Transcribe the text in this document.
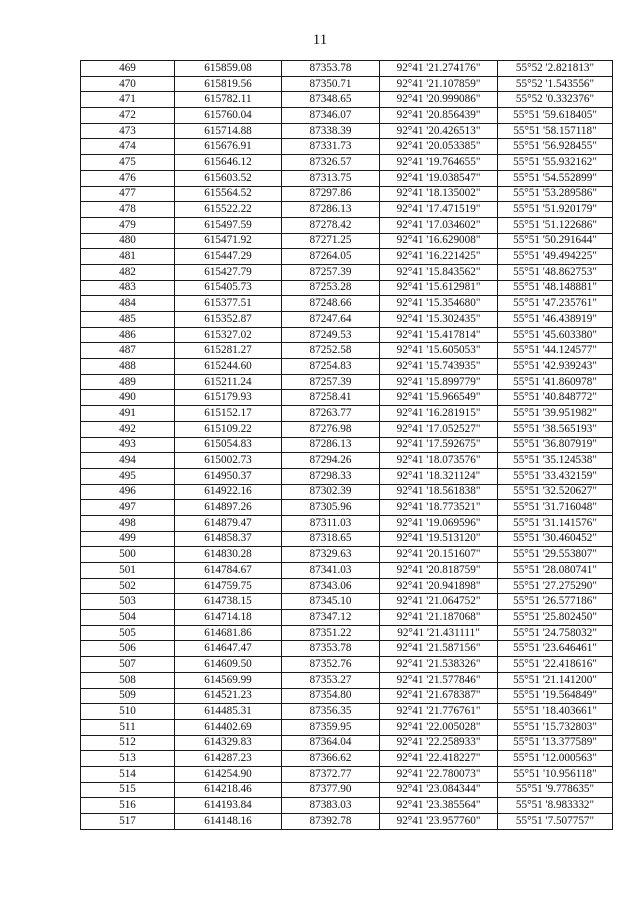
11
469	615859.08	87353.78	92°41 '21.274176"	55°52 '2.821813"
470	615819.56	87350.71	92°41 '21.107859"	55°52 '1.543556"
471	615782.11	87348.65	92°41 '20.999086"	55°52 '0.332376"
472	615760.04	87346.07	92°41 '20.856439"	55°51 '59.618405"
473	615714.88	87338.39	92°41 '20.426513"	55°51 '58.157118"
474	615676.91	87331.73	92°41 '20.053385"	55°51 '56.928455"
475	615646.12	87326.57	92°41 '19.764655"	55°51 '55.932162"
476	615603.52	87313.75	92°41 '19.038547"	55°51 '54.552899"
477	615564.52	87297.86	92°41 '18.135002"	55°51 '53.289586"
478	615522.22	87286.13	92°41 '17.471519"	55°51 '51.920179"
479	615497.59	87278.42	92°41 '17.034602"	55°51 '51.122686"
480	615471.92	87271.25	92°41 '16.629008"	55°51 '50.291644"
481	615447.29	87264.05	92°41 '16.221425"	55°51 '49.494225"
482	615427.79	87257.39	92°41 '15.843562"	55°51 '48.862753"
483	615405.73	87253.28	92°41 '15.612981"	55°51 '48.148881"
484	615377.51	87248.66	92°41 '15.354680"	55°51 '47.235761"
485	615352.87	87247.64	92°41 '15.302435"	55°51 '46.438919"
486	615327.02	87249.53	92°41 '15.417814"	55°51 '45.603380"
487	615281.27	87252.58	92°41 '15.605053"	55°51 '44.124577"
488	615244.60	87254.83	92°41 '15.743935"	55°51 '42.939243"
489	615211.24	87257.39	92°41 '15.899779"	55°51 '41.860978"
490	615179.93	87258.41	92°41 '15.966549"	55°51 '40.848772"
491	615152.17	87263.77	92°41 '16.281915"	55°51 '39.951982"
492	615109.22	87276.98	92°41 '17.052527"	55°51 '38.565193"
493	615054.83	87286.13	92°41 '17.592675"	55°51 '36.807919"
494	615002.73	87294.26	92°41 '18.073576"	55°51 '35.124538"
495	614950.37	87298.33	92°41 '18.321124"	55°51 '33.432159"
496	614922.16	87302.39	92°41 '18.561838"	55°51 '32.520627"
497	614897.26	87305.96	92°41 '18.773521"	55°51 '31.716048"
498	614879.47	87311.03	92°41 '19.069596"	55°51 '31.141576"
499	614858.37	87318.65	92°41 '19.513120"	55°51 '30.460452"
500	614830.28	87329.63	92°41 '20.151607"	55°51 '29.553807"
501	614784.67	87341.03	92°41 '20.818759"	55°51 '28.080741"
502	614759.75	87343.06	92°41 '20.941898"	55°51 '27.275290"
503	614738.15	87345.10	92°41 '21.064752"	55°51 '26.577186"
504	614714.18	87347.12	92°41 '21.187068"	55°51 '25.802450"
505	614681.86	87351.22	92°41 '21.431111"	55°51 '24.758032"
506	614647.47	87353.78	92°41 '21.587156"	55°51 '23.646461"
507	614609.50	87352.76	92°41 '21.538326"	55°51 '22.418616"
508	614569.99	87353.27	92°41 '21.577846"	55°51 '21.141200"
509	614521.23	87354.80	92°41 '21.678387"	55°51 '19.564849"
510	614485.31	87356.35	92°41 '21.776761"	55°51 '18.403661"
511	614402.69	87359.95	92°41 '22.005028"	55°51 '15.732803"
512	614329.83	87364.04	92°41 '22.258933"	55°51 '13.377589"
513	614287.23	87366.62	92°41 '22.418227"	55°51 '12.000563"
514	614254.90	87372.77	92°41 '22.780073"	55°51 '10.956118"
515	614218.46	87377.90	92°41 '23.084344"	55°51 '9.778635"
516	614193.84	87383.03	92°41 '23.385564"	55°51 '8.983332"
517	614148.16	87392.78	92°41 '23.957760"	55°51 '7.507757"
